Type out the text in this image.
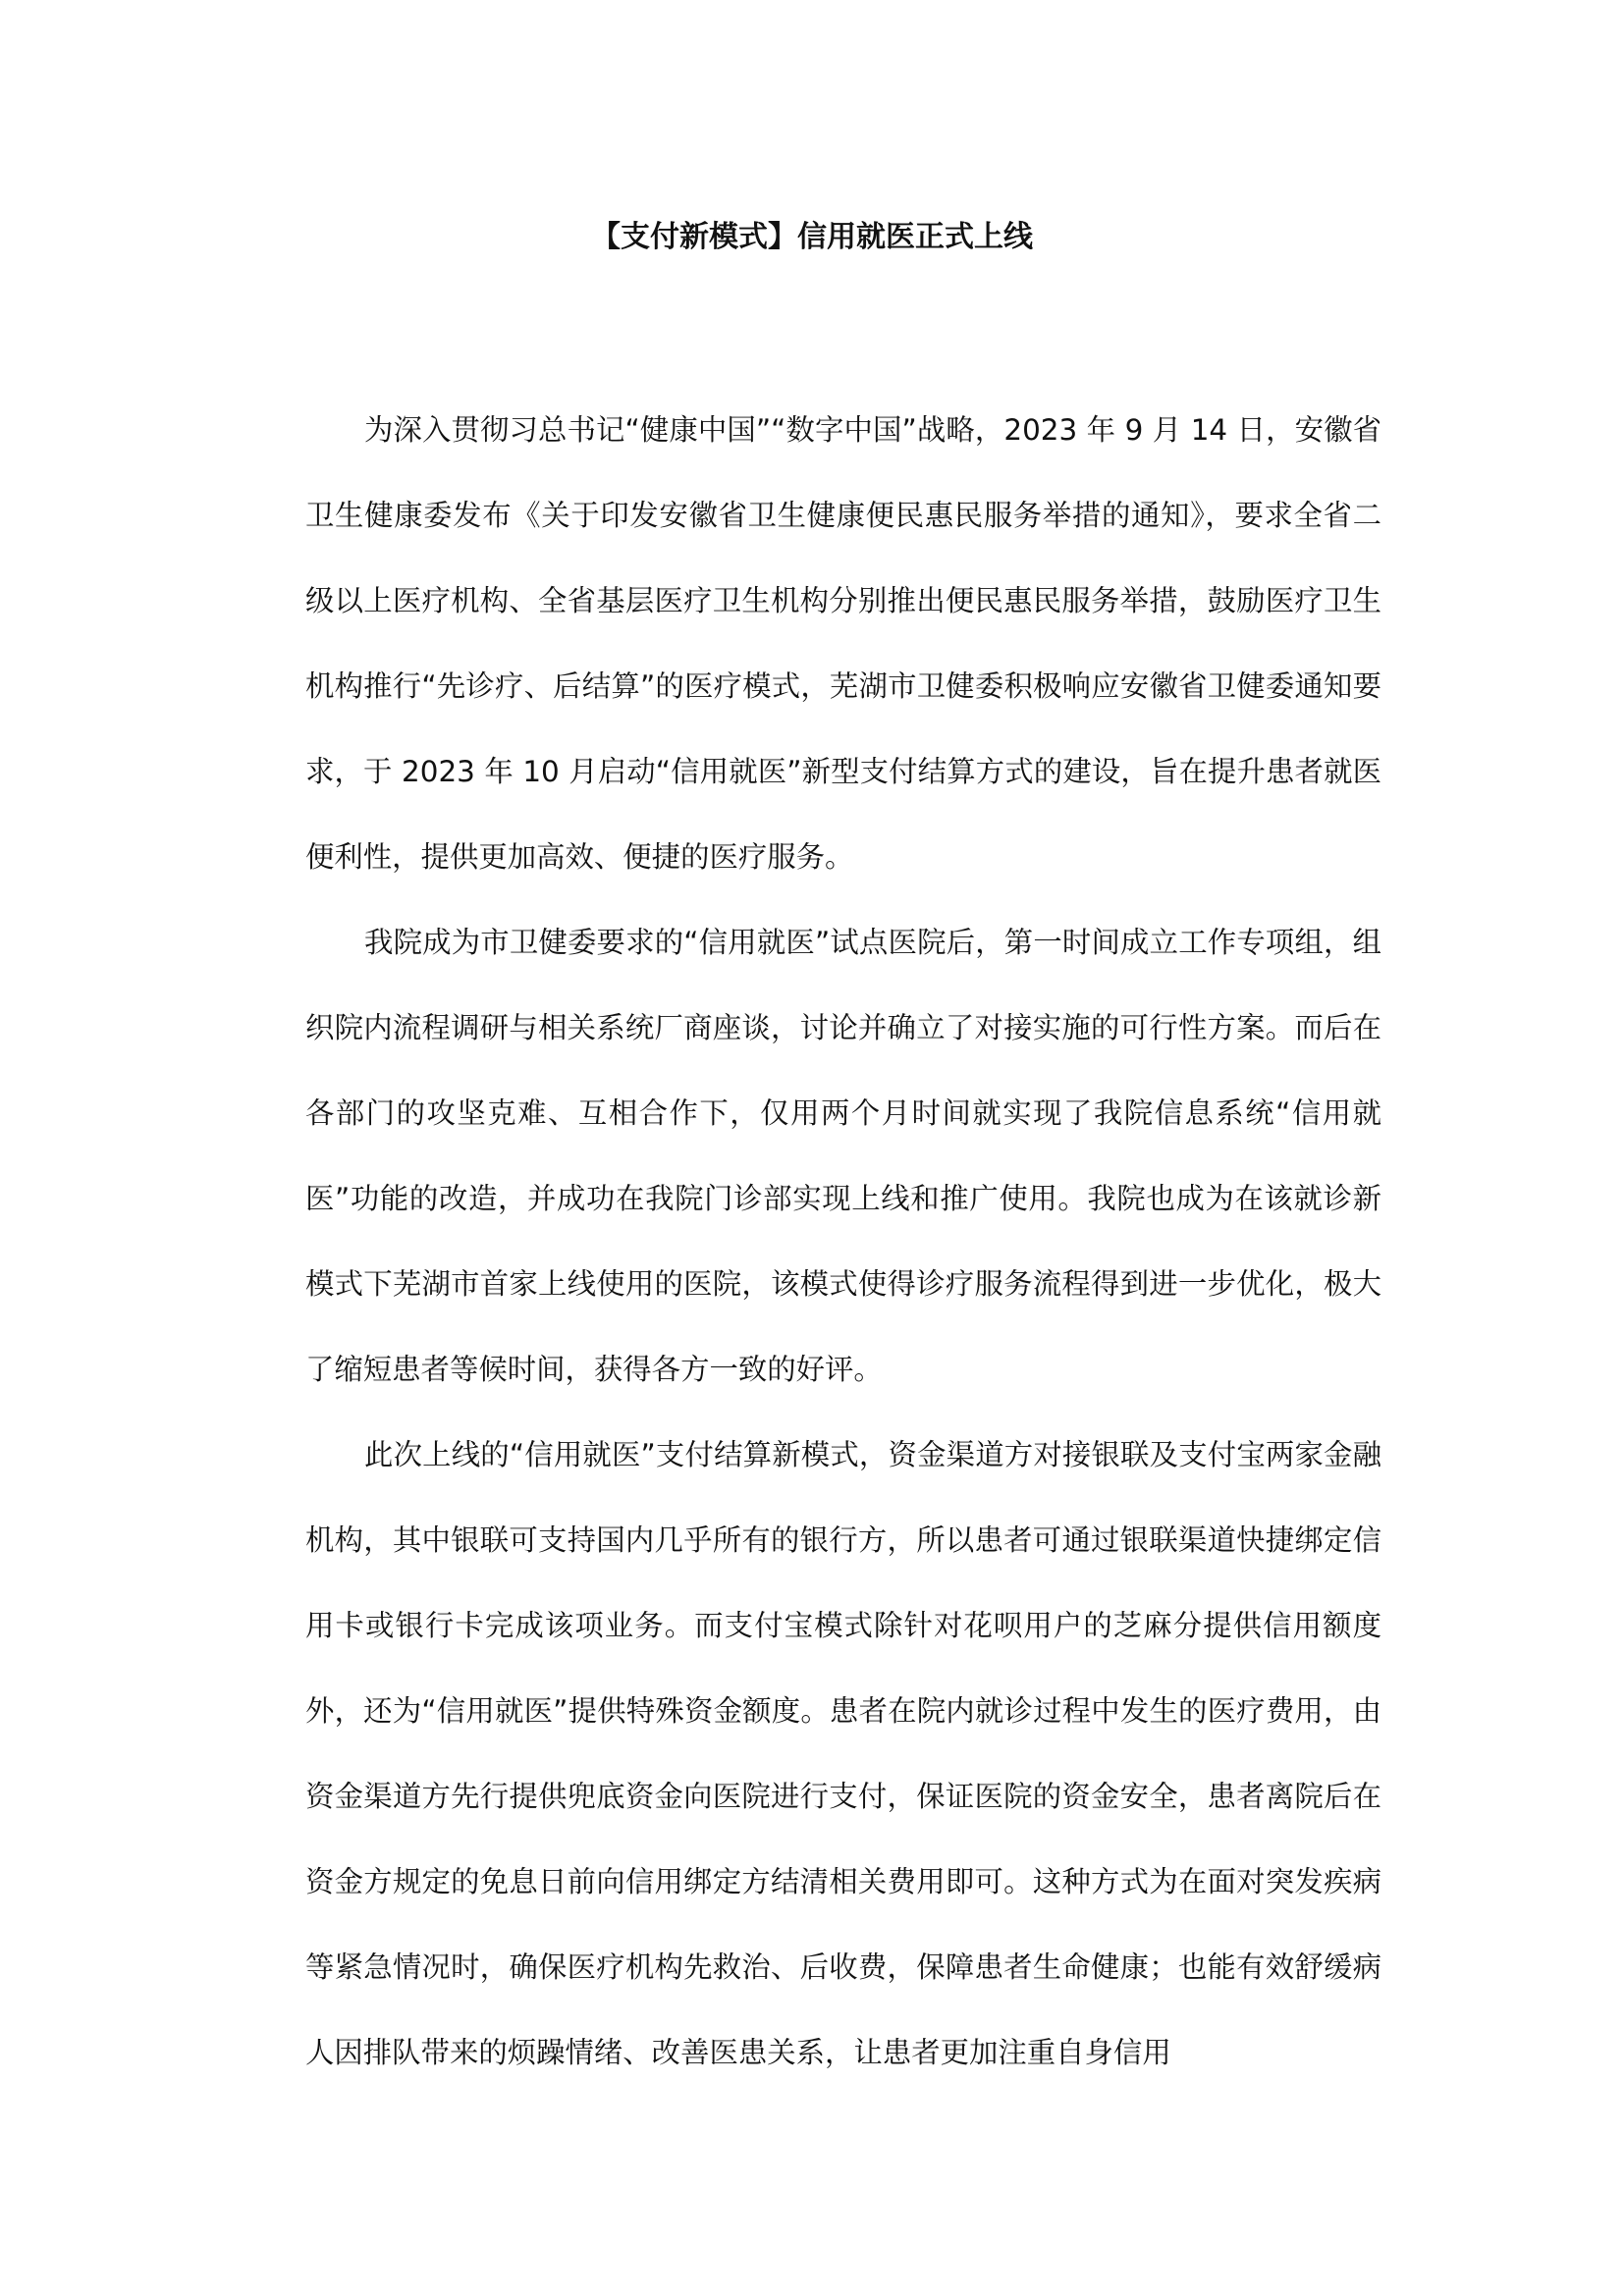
【支付新模式】信用就医正式上线

为深入贯彻习总书记“健康中国”“数字中国”战略，2023 年 9 月 14 日，安徽省卫生健康委发布《关于印发安徽省卫生健康便民惠民服务举措的通知》，要求全省二级以上医疗机构、全省基层医疗卫生机构分别推出便民惠民服务举措，鼓励医疗卫生机构推行“先诊疗、后结算”的医疗模式，芜湖市卫健委积极响应安徽省卫健委通知要求，于 2023 年 10 月启动“信用就医”新型支付结算方式的建设，旨在提升患者就医便利性，提供更加高效、便捷的医疗服务。

我院成为市卫健委要求的“信用就医”试点医院后，第一时间成立工作专项组，组织院内流程调研与相关系统厂商座谈，讨论并确立了对接实施的可行性方案。而后在各部门的攻坚克难、互相合作下，仅用两个月时间就实现了我院信息系统“信用就医”功能的改造，并成功在我院门诊部实现上线和推广使用。我院也成为在该就诊新模式下芜湖市首家上线使用的医院，该模式使得诊疗服务流程得到进一步优化，极大了缩短患者等候时间，获得各方一致的好评。

此次上线的“信用就医”支付结算新模式，资金渠道方对接银联及支付宝两家金融机构，其中银联可支持国内几乎所有的银行方，所以患者可通过银联渠道快捷绑定信用卡或银行卡完成该项业务。而支付宝模式除针对花呗用户的芝麻分提供信用额度外，还为“信用就医”提供特殊资金额度。患者在院内就诊过程中发生的医疗费用，由资金渠道方先行提供兜底资金向医院进行支付，保证医院的资金安全，患者离院后在资金方规定的免息日前向信用绑定方结清相关费用即可。这种方式为在面对突发疾病等紧急情况时，确保医疗机构先救治、后收费，保障患者生命健康；也能有效舒缓病人因排队带来的烦躁情绪、改善医患关系，让患者更加注重自身信用
